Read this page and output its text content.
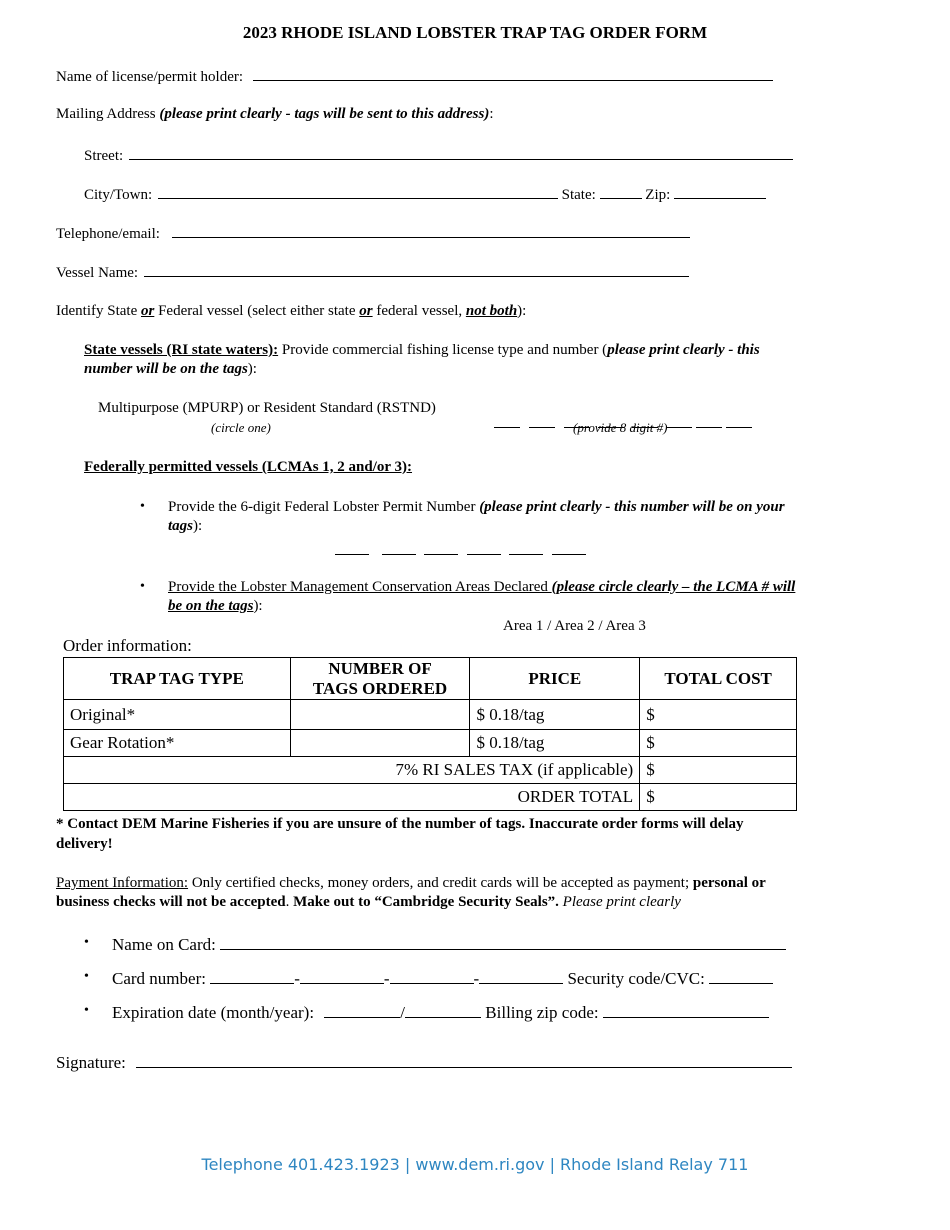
2023 RHODE ISLAND LOBSTER TRAP TAG ORDER FORM
Name of license/permit holder:
Mailing Address (please print clearly - tags will be sent to this address):
Street:
City/Town:	State:	Zip:
Telephone/email:
Vessel Name:
Identify State or Federal vessel (select either state or federal vessel, not both):
State vessels (RI state waters): Provide commercial fishing license type and number (please print clearly - this
number will be on the tags):
Multipurpose (MPURP) or Resident Standard (RSTND)
(circle one)	(provide 8 digit #)
Federally permitted vessels (LCMAs 1, 2 and/or 3):
• Provide the 6-digit Federal Lobster Permit Number (please print clearly - this number will be on your
tags):
• Provide the Lobster Management Conservation Areas Declared (please circle clearly – the LCMA # will
be on the tags):
Area 1 / Area 2 / Area 3
Order information:
TRAP TAG TYPE	NUMBER OF
TAGS ORDERED	PRICE	TOTAL COST
Original*		$ 0.18/tag	$
Gear Rotation*		$ 0.18/tag	$
7% RI SALES TAX (if applicable)			$
ORDER TOTAL			$
* Contact DEM Marine Fisheries if you are unsure of the number of tags. Inaccurate order forms will delay
delivery!
Payment Information: Only certified checks, money orders, and credit cards will be accepted as payment; personal or
business checks will not be accepted. Make out to “Cambridge Security Seals”. Please print clearly
• Name on Card:
• Card number:	-	-	-	Security code/CVC:
• Expiration date (month/year):	/	Billing zip code:
Signature:
Telephone 401.423.1923 | www.dem.ri.gov | Rhode Island Relay 711
